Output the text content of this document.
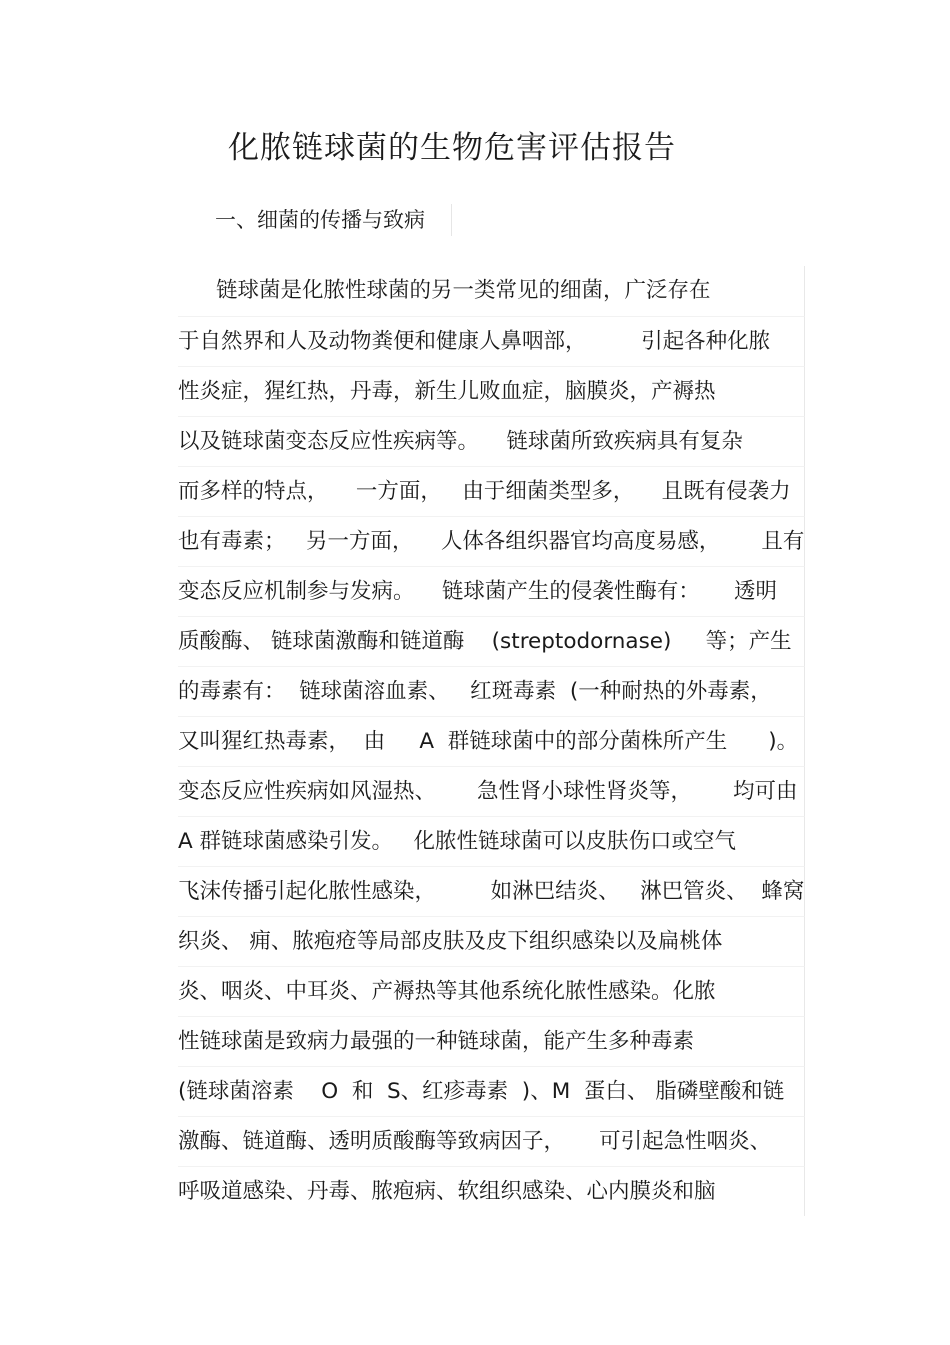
化脓链球菌的生物危害评估报告
一、细菌的传播与致病
链球菌是化脓性球菌的另一类常见的细菌，广泛存在
于自然界和人及动物粪便和健康人鼻咽部，        引起各种化脓
性炎症，猩红热，丹毒，新生儿败血症，脑膜炎，产褥热
以及链球菌变态反应性疾病等。    链球菌所致疾病具有复杂
而多样的特点，    一方面，   由于细菌类型多，    且既有侵袭力
也有毒素；   另一方面，    人体各组织器官均高度易感，      且有
变态反应机制参与发病。    链球菌产生的侵袭性酶有：     透明
质酸酶、 链球菌激酶和链道酶    (streptodornase)     等；产生
的毒素有：  链球菌溶血素、   红斑毒素  (一种耐热的外毒素，
又叫猩红热毒素，  由     A  群链球菌中的部分菌株所产生      )。
变态反应性疾病如风湿热、      急性肾小球性肾炎等，      均可由
A 群链球菌感染引发。   化脓性链球菌可以皮肤伤口或空气
飞沫传播引起化脓性感染，        如淋巴结炎、   淋巴管炎、  蜂窝
织炎、 痈、脓疱疮等局部皮肤及皮下组织感染以及扁桃体
炎、咽炎、中耳炎、产褥热等其他系统化脓性感染。化脓
性链球菌是致病力最强的一种链球菌，能产生多种毒素
(链球菌溶素    O  和  S、红疹毒素  )、M  蛋白、 脂磷壁酸和链
激酶、链道酶、透明质酸酶等致病因子，     可引起急性咽炎、
呼吸道感染、丹毒、脓疱病、软组织感染、心内膜炎和脑
